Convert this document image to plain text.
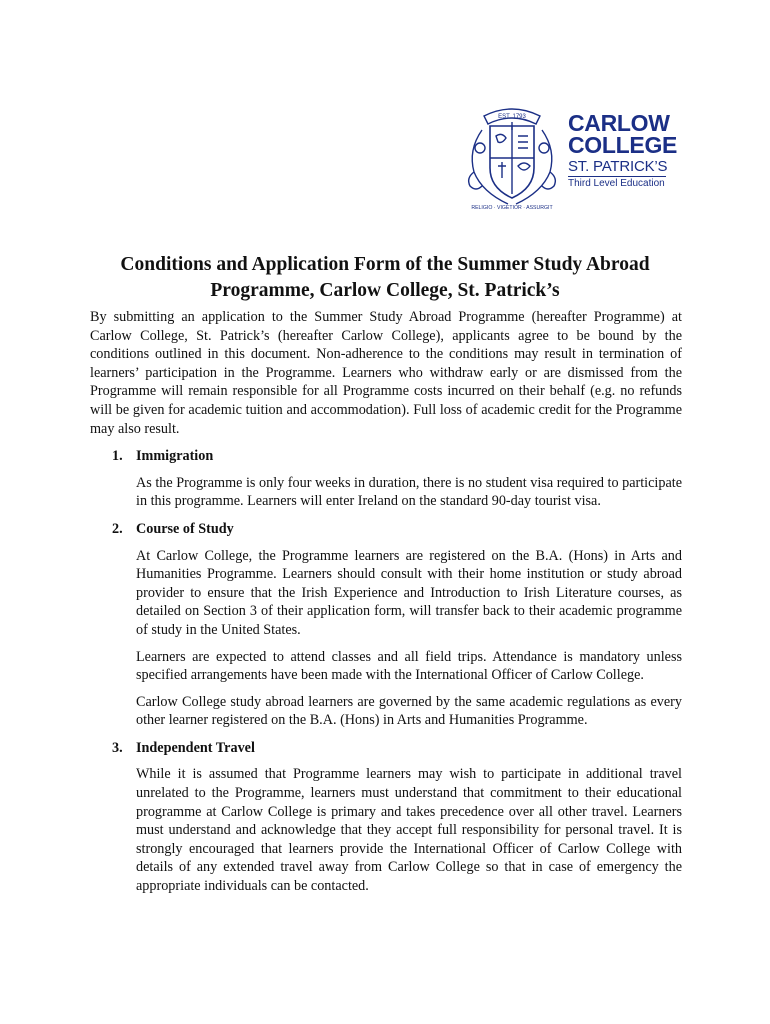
EST. 1793
RELIGIO · VIGETIOR · ASSURGIT
CARLOW
COLLEGE
ST. PATRICK’S
Third Level Education
Conditions and Application Form of the Summer Study Abroad
Programme, Carlow College, St. Patrick’s

By submitting an application to the Summer Study Abroad Programme (hereafter Programme) at Carlow College, St. Patrick’s (hereafter Carlow College), applicants agree to be bound by the conditions outlined in this document. Non-adherence to the conditions may result in termination of learners’ participation in the Programme. Learners who withdraw early or are dismissed from the Programme will remain responsible for all Programme costs incurred on their behalf (e.g. no refunds will be given for academic tuition and accommodation). Full loss of academic credit for the Programme may also result.

1. Immigration

As the Programme is only four weeks in duration, there is no student visa required to participate in this programme. Learners will enter Ireland on the standard 90-day tourist visa.

2. Course of Study

At Carlow College, the Programme learners are registered on the B.A. (Hons) in Arts and Humanities Programme. Learners should consult with their home institution or study abroad provider to ensure that the Irish Experience and Introduction to Irish Literature courses, as detailed on Section 3 of their application form, will transfer back to their academic programme of study in the United States.

Learners are expected to attend classes and all field trips. Attendance is mandatory unless specified arrangements have been made with the International Officer of Carlow College.

Carlow College study abroad learners are governed by the same academic regulations as every other learner registered on the B.A. (Hons) in Arts and Humanities Programme.

3. Independent Travel

While it is assumed that Programme learners may wish to participate in additional travel unrelated to the Programme, learners must understand that commitment to their educational programme at Carlow College is primary and takes precedence over all other travel. Learners must understand and acknowledge that they accept full responsibility for personal travel. It is strongly encouraged that learners provide the International Officer of Carlow College with details of any extended travel away from Carlow College so that in case of emergency the appropriate individuals can be contacted.
